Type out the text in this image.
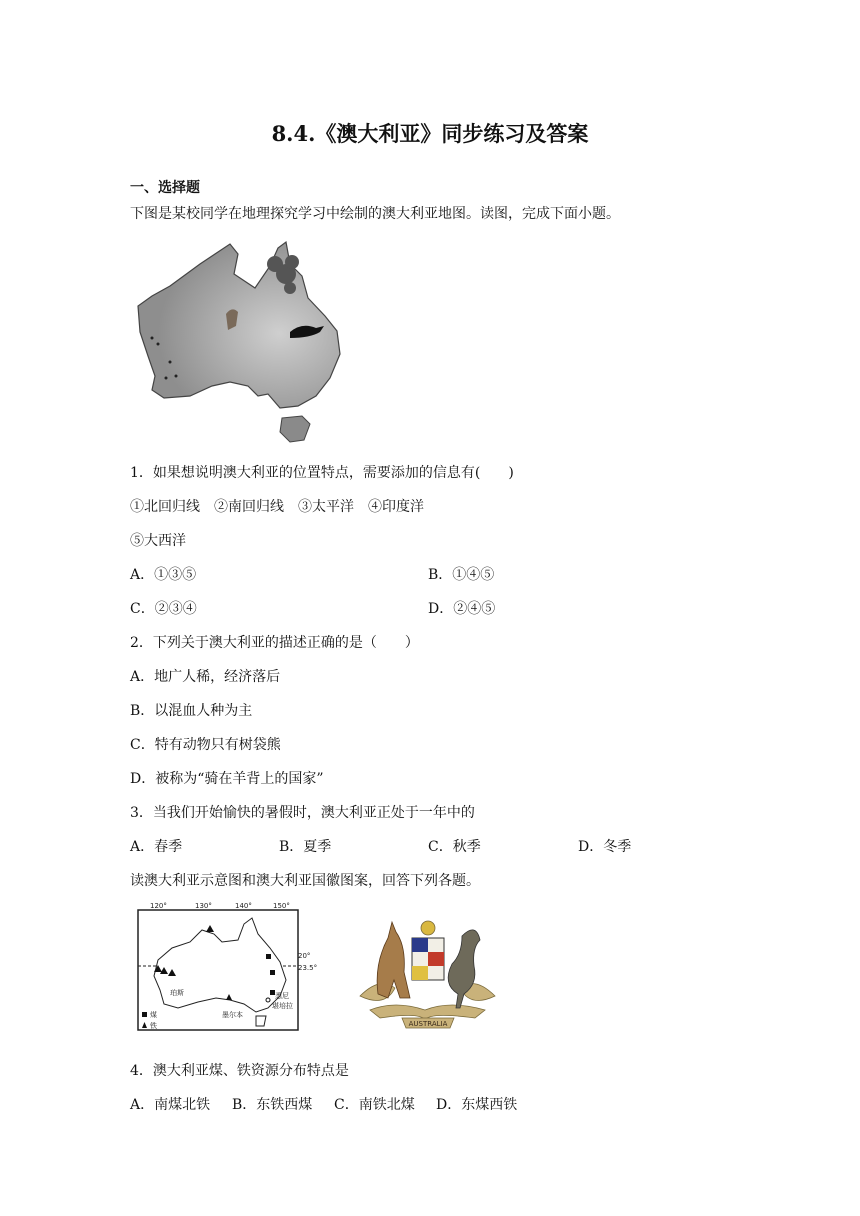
8.4.《澳大利亚》同步练习及答案
一、选择题
下图是某校同学在地理探究学习中绘制的澳大利亚地图。读图，完成下面小题。
1．如果想说明澳大利亚的位置特点，需要添加的信息有(　　)
①北回归线　②南回归线　③太平洋　④印度洋
⑤大西洋
A．①③⑤	B．①④⑤
C．②③④	D．②④⑤
2．下列关于澳大利亚的描述正确的是（　　）
A．地广人稀，经济落后
B．以混血人种为主
C．特有动物只有树袋熊
D．被称为“骑在羊背上的国家”
3．当我们开始愉快的暑假时，澳大利亚正处于一年中的
A．春季	B．夏季	C．秋季	D．冬季
读澳大利亚示意图和澳大利亚国徽图案，回答下列各题。
120°	130°	140°	150°
20°
23.5°
珀斯
墨尔本
悉尼
堪培拉
煤
铁	AUSTRALIA
4．澳大利亚煤、铁资源分布特点是
A．南煤北铁 B．东铁西煤 C．南铁北煤 D．东煤西铁
